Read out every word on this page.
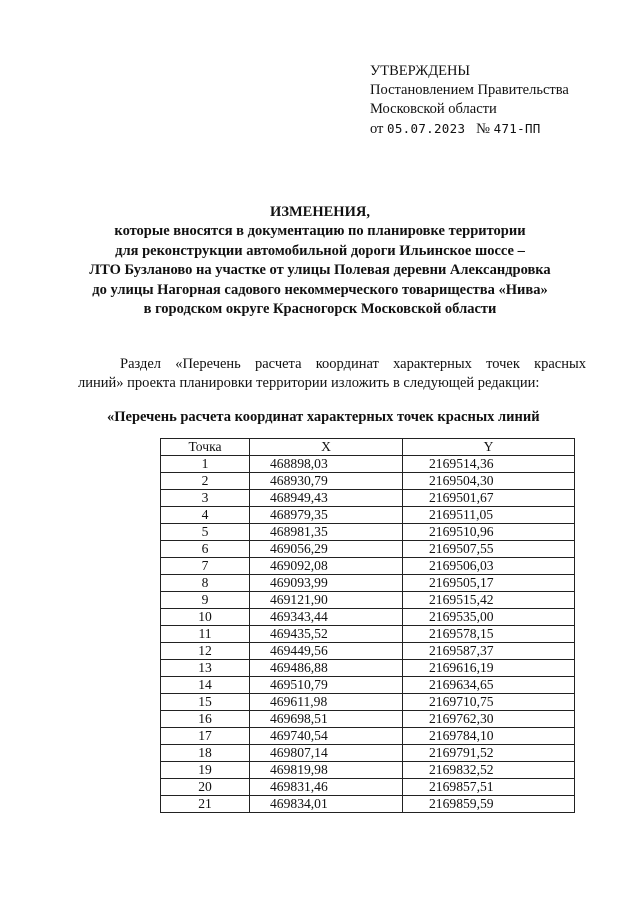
УТВЕРЖДЕНЫ
Постановлением Правительства
Московской области
от 05.07.2023 № 471-ПП
ИЗМЕНЕНИЯ,
которые вносятся в документацию по планировке территории
для реконструкции автомобильной дороги Ильинское шоссе –
ЛТО Бузланово на участке от улицы Полевая деревни Александровка
до улицы Нагорная садового некоммерческого товарищества «Нива»
в городском округе Красногорск Московской области
Раздел «Перечень расчета координат характерных точек красных
линий» проекта планировки территории изложить в следующей редакции:
«Перечень расчета координат характерных точек красных линий
Точка	X	Y
1	468898,03	2169514,36
2	468930,79	2169504,30
3	468949,43	2169501,67
4	468979,35	2169511,05
5	468981,35	2169510,96
6	469056,29	2169507,55
7	469092,08	2169506,03
8	469093,99	2169505,17
9	469121,90	2169515,42
10	469343,44	2169535,00
11	469435,52	2169578,15
12	469449,56	2169587,37
13	469486,88	2169616,19
14	469510,79	2169634,65
15	469611,98	2169710,75
16	469698,51	2169762,30
17	469740,54	2169784,10
18	469807,14	2169791,52
19	469819,98	2169832,52
20	469831,46	2169857,51
21	469834,01	2169859,59
